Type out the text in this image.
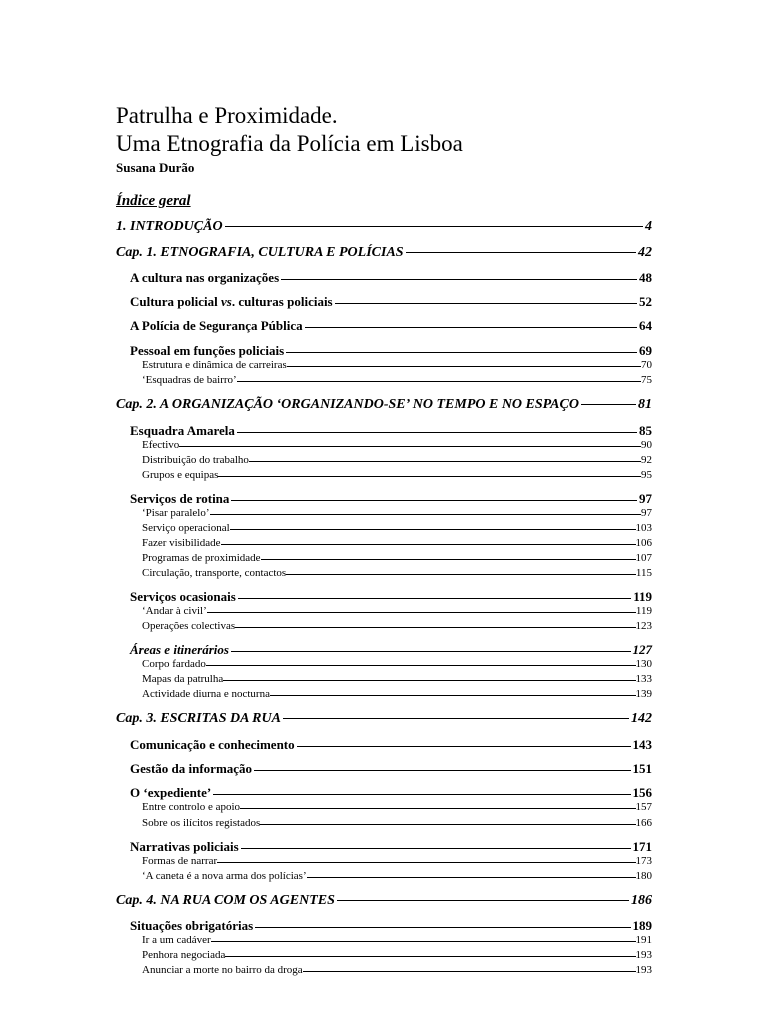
Patrulha e Proximidade.
Uma Etnografia da Polícia em Lisboa
Susana Durão
Índice geral
1. INTRODUÇÃO	4
Cap. 1. ETNOGRAFIA, CULTURA E POLÍCIAS	42
A cultura nas organizações	48
Cultura policial vs. culturas policiais	52
A Polícia de Segurança Pública	64
Pessoal em funções policiais	69
Estrutura e dinâmica de carreiras	70
‘Esquadras de bairro’	75
Cap. 2. A ORGANIZAÇÃO ‘ORGANIZANDO-SE’ NO TEMPO E NO ESPAÇO	81
Esquadra Amarela	85
Efectivo	90
Distribuição do trabalho	92
Grupos e equipas	95
Serviços de rotina	97
‘Pisar paralelo’	97
Serviço operacional	103
Fazer visibilidade	106
Programas de proximidade	107
Circulação, transporte, contactos	115
Serviços ocasionais	119
‘Andar à civil’	119
Operações colectivas	123
Áreas e itinerários	127
Corpo fardado	130
Mapas da patrulha	133
Actividade diurna e nocturna	139
Cap. 3. ESCRITAS DA RUA	142
Comunicação e conhecimento	143
Gestão da informação	151
O ‘expediente’	156
Entre controlo e apoio	157
Sobre os ilícitos registados	166
Narrativas policiais	171
Formas de narrar	173
‘A caneta é a nova arma dos polícias’	180
Cap. 4. NA RUA COM OS AGENTES	186
Situações obrigatórias	189
Ir a um cadáver	191
Penhora negociada	193
Anunciar a morte no bairro da droga	193
